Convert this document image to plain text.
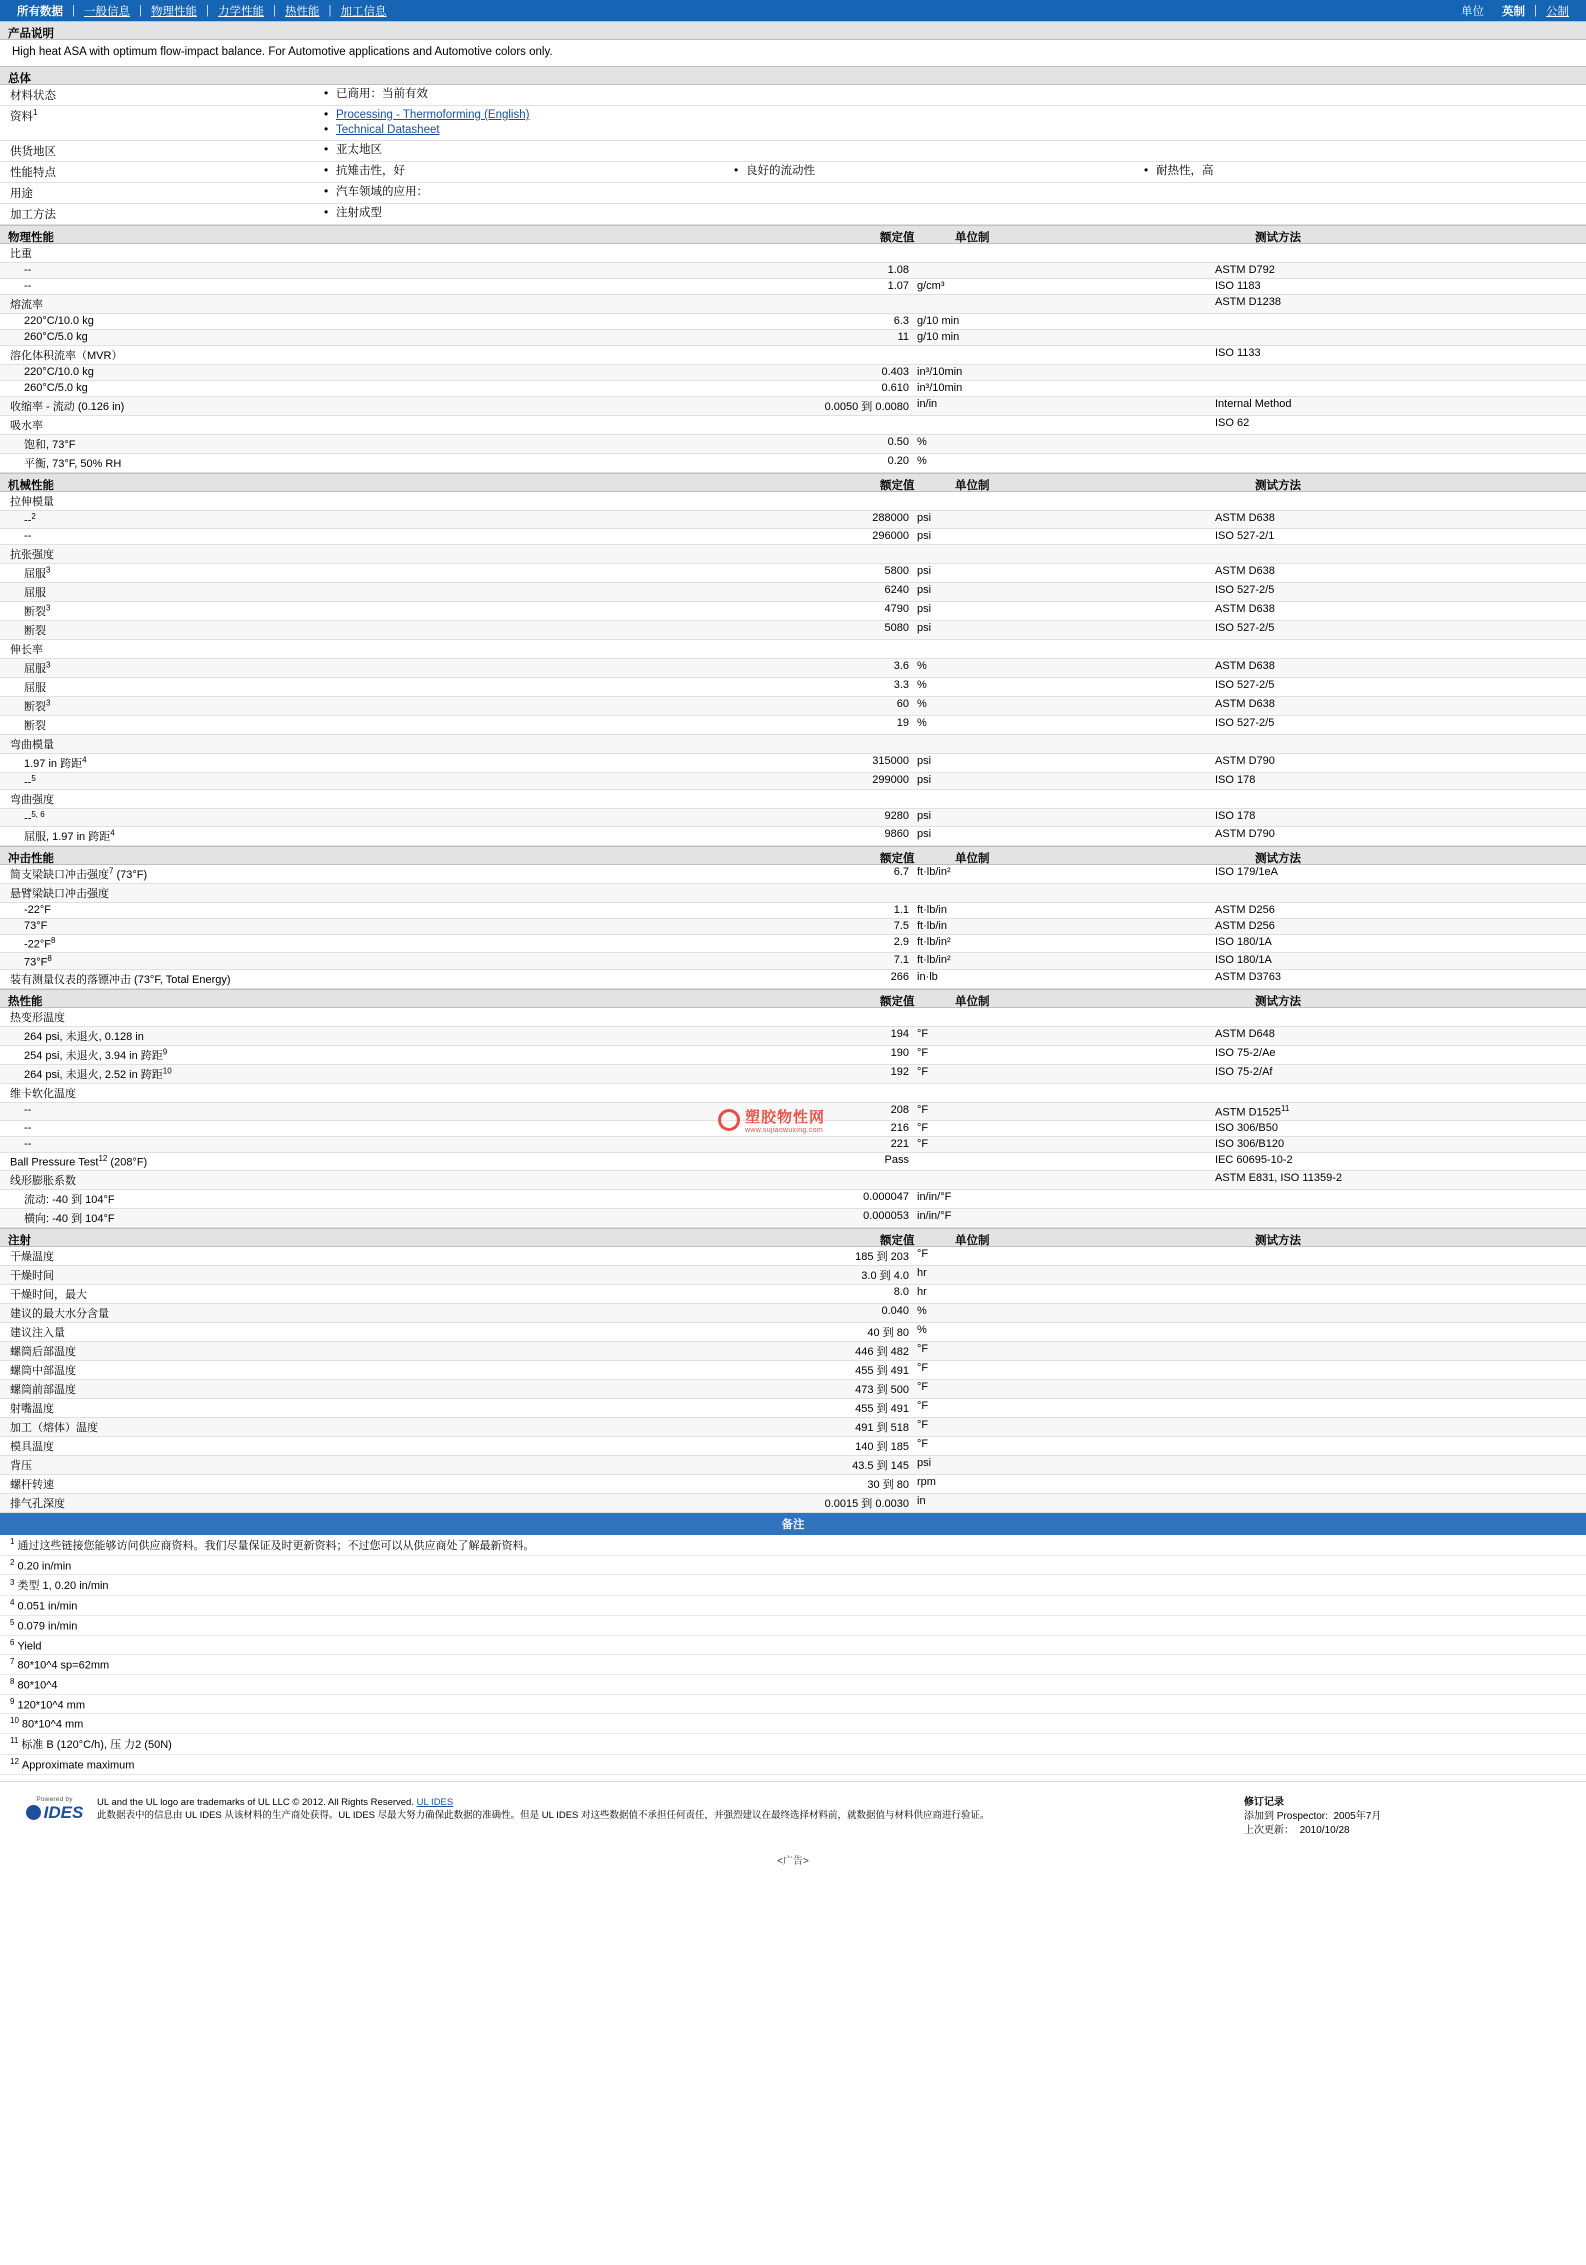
所有数据 | 一般信息 | 物理性能 | 力学性能 | 热性能 | 加工信息	单位	英制 | 公制
产品说明
High heat ASA with optimum flow-impact balance. For Automotive applications and Automotive colors only.
总体
材料状态	• 已商用：当前有效
资料$^1$	• Processing - Thermoforming (English)
• Technical Datasheet
供货地区	• 亚太地区
性能特点	• 抗雉击性，好	• 良好的流动性	• 耐热性，高
用途	• 汽车领域的应用：
加工方法	• 注射成型
物理性能	额定值	单位制	测试方法
比重
--	1.08	ASTM D792
--	1.07 g/cm³	ISO 1183
熔流率	ASTM D1238
220°C/10.0 kg	6.3 g/10 min
260°C/5.0 kg	11 g/10 min
溶化体积流率（MVR）	ISO 1133
220°C/10.0 kg	0.403 in³/10min
260°C/5.0 kg	0.610 in³/10min
收缩率 - 流动 (0.126 in)	0.0050 到 0.0080 in/in	Internal Method
吸水率	ISO 62
饱和, 73°F	0.50 %
平衡, 73°F, 50% RH	0.20 %
机械性能	额定值	单位制	测试方法
拉伸模量
--$^2$	288000 psi	ASTM D638
--	296000 psi	ISO 527-2/1
抗张强度
屈服$^3$	5800 psi	ASTM D638
屈服	6240 psi	ISO 527-2/5
断裂$^3$	4790 psi	ASTM D638
断裂	5080 psi	ISO 527-2/5
伸长率
屈服$^3$	3.6 %	ASTM D638
屈服	3.3 %	ISO 527-2/5
断裂$^3$	60 %	ASTM D638
断裂	19 %	ISO 527-2/5
弯曲模量
1.97 in 跨距$^4$	315000 psi	ASTM D790
--$^5$	299000 psi	ISO 178
弯曲强度
--$^{5, 6}$	9280 psi	ISO 178
屈服, 1.97 in 跨距$^4$	9860 psi	ASTM D790
冲击性能	额定值	单位制	测试方法
简支梁缺口冲击强度$^7$ (73°F)	6.7 ft·lb/in²	ISO 179/1eA
悬臂梁缺口冲击强度
-22°F	1.1 ft·lb/in	ASTM D256
73°F	7.5 ft·lb/in	ASTM D256
$-22^\circ F^8$	2.9 ft·lb/in²	ISO 180/1A
$73^\circ F^8$	7.1 ft·lb/in²	ISO 180/1A
装有测量仪表的落镖冲击 (73°F, Total Energy)	266 in·lb	ASTM D3763
热性能	额定值	单位制	测试方法
热变形温度
264 psi, 未退火, 0.128 in	194 °F	ASTM D648
254 psi, 未退火, 3.94 in 跨距$^9$	190 °F	ISO 75-2/Ae
264 psi, 未退火, 2.52 in 跨距$^{10}$	192 °F	ISO 75-2/Af
维卡软化温度
--	208 °F	ASTM D1525$^{11}$
--	216 °F	ISO 306/B50
--	221 °F	ISO 306/B120
Ball Pressure Test$^{12}$ (208°F)	Pass	IEC 60695-10-2
线形膨胀系数	ASTM E831, ISO 11359-2
流动: -40 到 104°F	0.000047 in/in/°F
横向: -40 到 104°F	0.000053 in/in/°F
注射	额定值	单位制	测试方法
干燥温度	185 到 203 °F
干燥时间	3.0 到 4.0 hr
干燥时间，最大	8.0 hr
建议的最大水分含量	0.040 %
建议注入量	40 到 80 %
螺筒后部温度	446 到 482 °F
螺筒中部温度	455 到 491 °F
螺筒前部温度	473 到 500 °F
射嘴温度	455 到 491 °F
加工（熔体）温度	491 到 518 °F
模具温度	140 到 185 °F
背压	43.5 到 145 psi
螺杆转速	30 到 80 rpm
排气孔深度	0.0015 到 0.0030 in
备注
$^1$ 通过这些链接您能够访问供应商资料。我们尽量保证及时更新资料；不过您可以从供应商处了解最新资料。
$^2$ 0.20 in/min
$^3$ 类型 1, 0.20 in/min
$^4$ 0.051 in/min
$^5$ 0.079 in/min
$^6$ Yield
$^7$ 80*10^4 sp=62mm
$^8$ 80*10^4
$^9$ 120*10^4 mm
$^{10}$ 80*10^4 mm
$^{11}$ 标准 B (120°C/h), 压 力2 (50N)
$^{12}$ Approximate maximum
Powered by
IDES
UL and the UL logo are trademarks of UL LLC © 2012. All Rights Reserved. UL IDES
此数据表中的信息由 UL IDES 从该材料的生产商处获得。UL IDES 尽最大努力确保此数据的准确性。但是 UL IDES 对这些数据值不承担任何责任，并强烈建议在最终选择材料前，就数据值与材料供应商进行验证。
修订记录
添加到 Prospector: 2005年7月
上次更新： 2010/10/28
<广告>
塑胶物性网
www.sujiaowuxing.com
